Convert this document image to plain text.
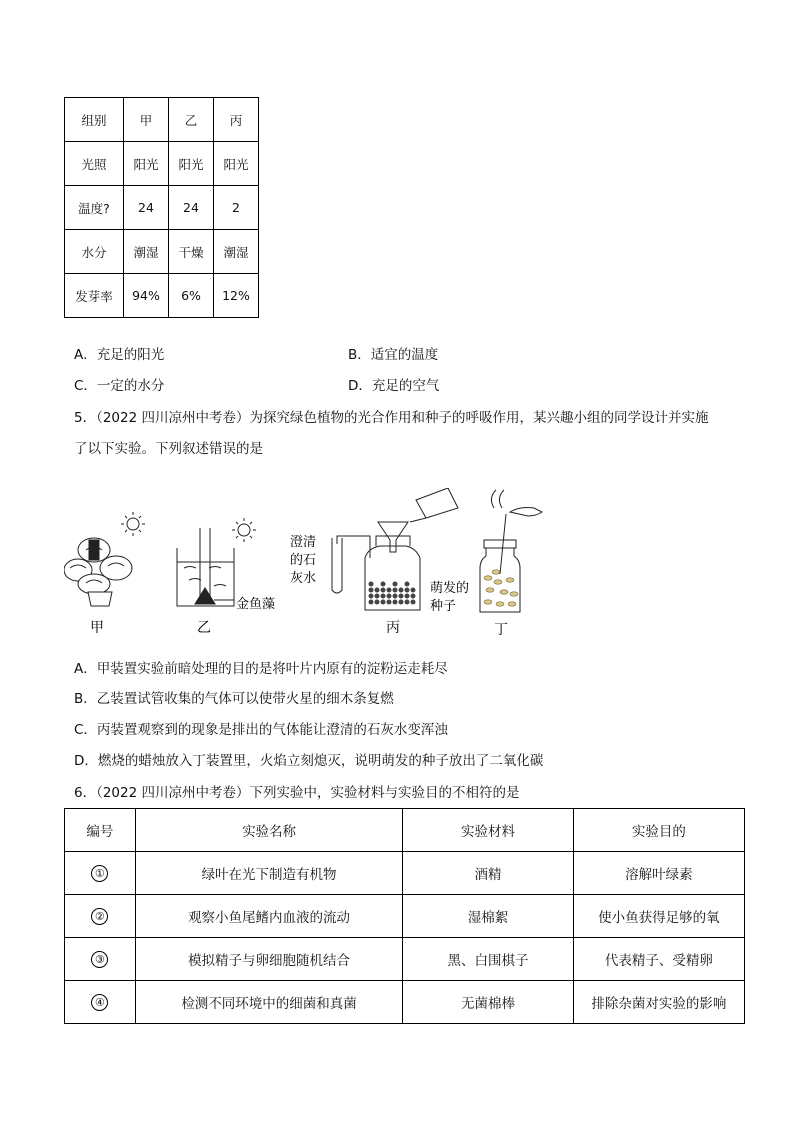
组别	甲	乙	丙
光照	阳光	阳光	阳光
温度?	24	24	2
水分	潮湿	干燥	潮湿
发芽率	94%	6%	12%
A．充足的阳光	B．适宜的温度
C．一定的水分	D．充足的空气
5．（2022 四川凉州中考卷）为探究绿色植物的光合作用和种子的呼吸作用，某兴趣小组的同学设计并实施
了以下实验。下列叙述错误的是
甲	乙
金鱼藻
澄清
的石
灰水
丙
萌发的
种子
丁
A．甲装置实验前暗处理的目的是将叶片内原有的淀粉运走耗尽
B．乙装置试管收集的气体可以使带火星的细木条复燃
C．丙装置观察到的现象是排出的气体能让澄清的石灰水变浑浊
D．燃烧的蜡烛放入丁装置里，火焰立刻熄灭，说明萌发的种子放出了二氧化碳
6．（2022 四川凉州中考卷）下列实验中，实验材料与实验目的不相符的是
编号	实验名称	实验材料	实验目的
①	绿叶在光下制造有机物	酒精	溶解叶绿素
②	观察小鱼尾鳍内血液的流动	湿棉絮	使小鱼获得足够的氧
③	模拟精子与卵细胞随机结合	黑、白围棋子	代表精子、受精卵
④	检测不同环境中的细菌和真菌	无菌棉棒	排除杂菌对实验的影响
